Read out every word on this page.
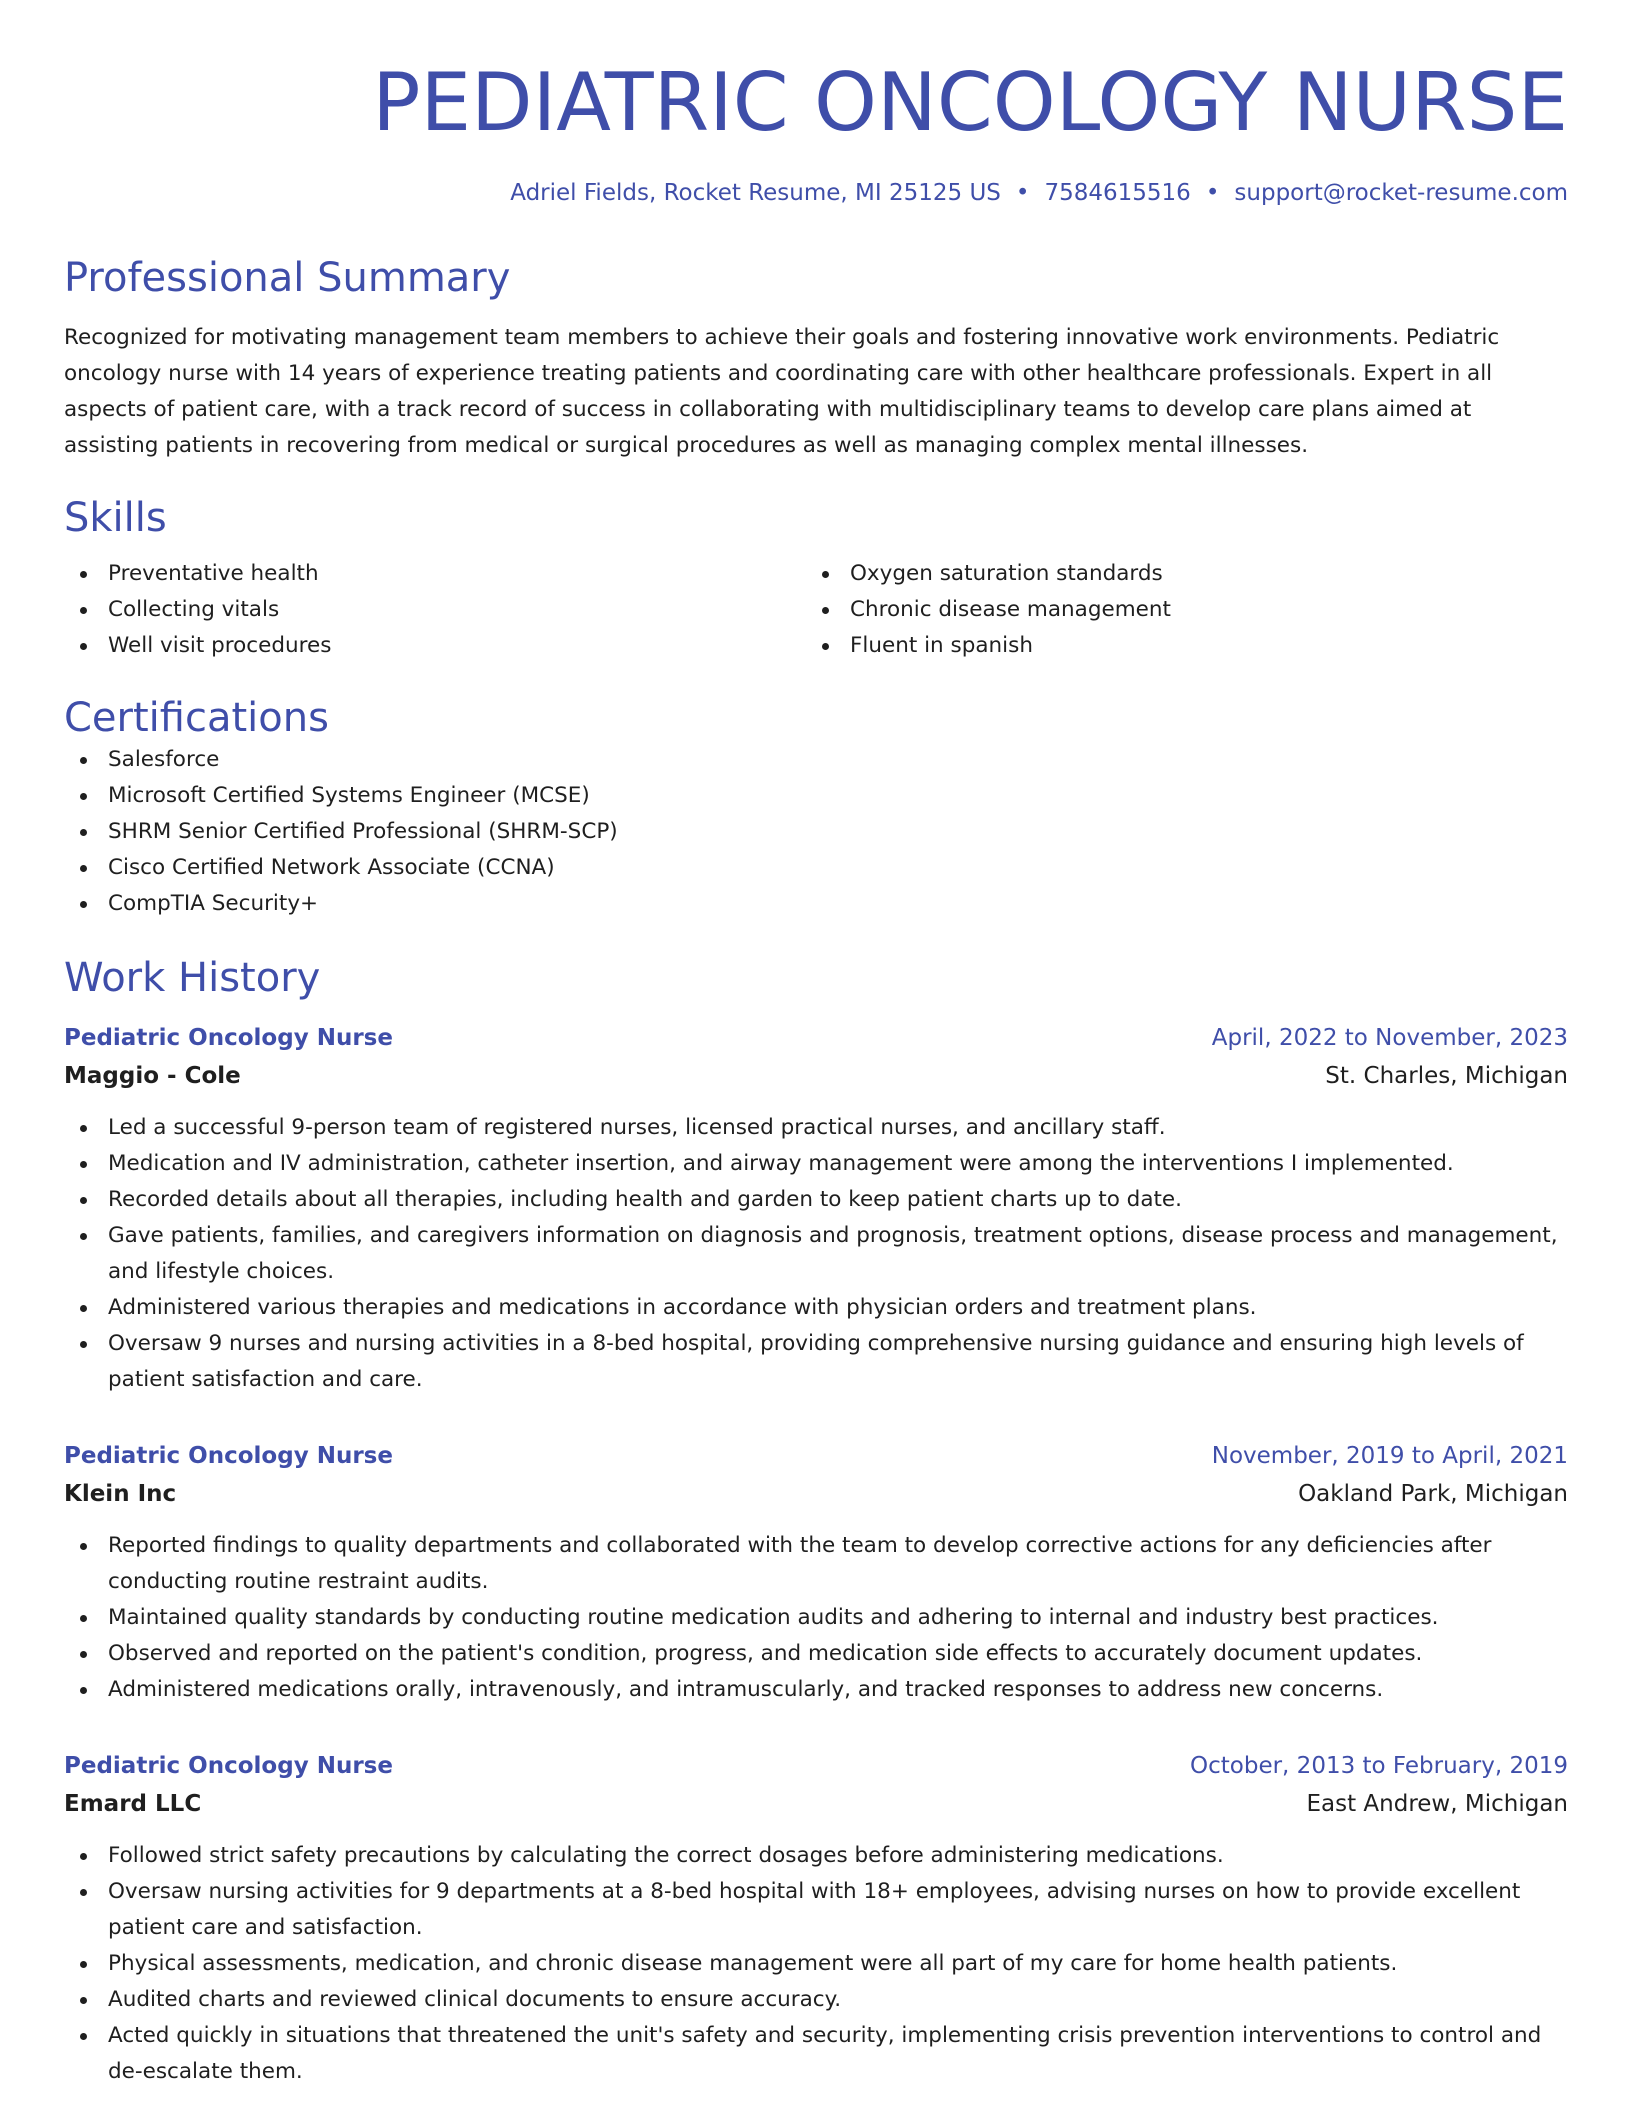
PEDIATRIC ONCOLOGY NURSE
Adriel Fields, Rocket Resume, MI 25125 US • 7584615516 • support@rocket-resume.com
Professional Summary
Recognized for motivating management team members to achieve their goals and fostering innovative work environments. Pediatric oncology nurse with 14 years of experience treating patients and coordinating care with other healthcare professionals. Expert in all aspects of patient care, with a track record of success in collaborating with multidisciplinary teams to develop care plans aimed at assisting patients in recovering from medical or surgical procedures as well as managing complex mental illnesses.
Skills
Preventative health
Collecting vitals
Well visit procedures
Oxygen saturation standards
Chronic disease management
Fluent in spanish
Certifications
Salesforce
Microsoft Certified Systems Engineer (MCSE)
SHRM Senior Certified Professional (SHRM-SCP)
Cisco Certified Network Associate (CCNA)
CompTIA Security+
Work History
Pediatric Oncology Nurse	April, 2022 to November, 2023
Maggio - Cole	St. Charles, Michigan
Led a successful 9-person team of registered nurses, licensed practical nurses, and ancillary staff.
Medication and IV administration, catheter insertion, and airway management were among the interventions I implemented.
Recorded details about all therapies, including health and garden to keep patient charts up to date.
Gave patients, families, and caregivers information on diagnosis and prognosis, treatment options, disease process and management, and lifestyle choices.
Administered various therapies and medications in accordance with physician orders and treatment plans.
Oversaw 9 nurses and nursing activities in a 8-bed hospital, providing comprehensive nursing guidance and ensuring high levels of patient satisfaction and care.
Pediatric Oncology Nurse	November, 2019 to April, 2021
Klein Inc	Oakland Park, Michigan
Reported findings to quality departments and collaborated with the team to develop corrective actions for any deficiencies after conducting routine restraint audits.
Maintained quality standards by conducting routine medication audits and adhering to internal and industry best practices.
Observed and reported on the patient's condition, progress, and medication side effects to accurately document updates.
Administered medications orally, intravenously, and intramuscularly, and tracked responses to address new concerns.
Pediatric Oncology Nurse	October, 2013 to February, 2019
Emard LLC	East Andrew, Michigan
Followed strict safety precautions by calculating the correct dosages before administering medications.
Oversaw nursing activities for 9 departments at a 8-bed hospital with 18+ employees, advising nurses on how to provide excellent patient care and satisfaction.
Physical assessments, medication, and chronic disease management were all part of my care for home health patients.
Audited charts and reviewed clinical documents to ensure accuracy.
Acted quickly in situations that threatened the unit's safety and security, implementing crisis prevention interventions to control and de-escalate them.
